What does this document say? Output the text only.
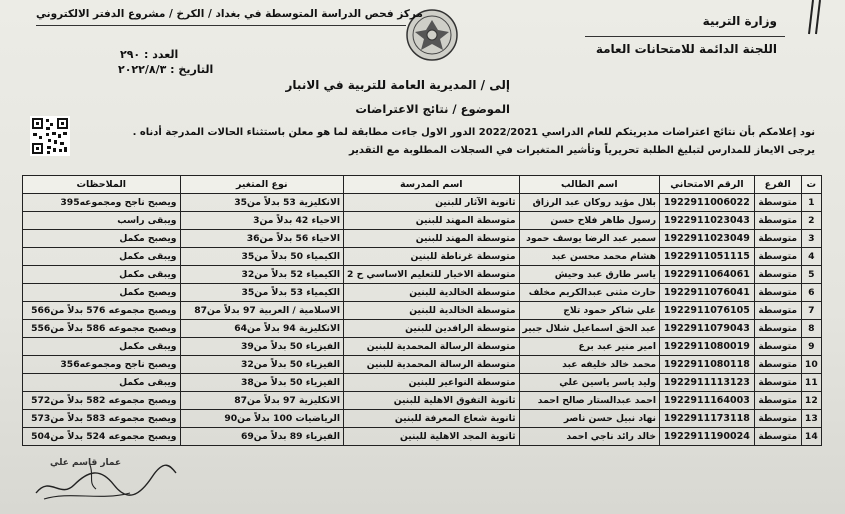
وزارة التربية
اللجنة الدائمة للامتحانات العامة
مركز فحص الدراسة المتوسطة في بغداد / الكرخ / مشروع الدفتر الالكتروني
العدد : ٢٩٠
التاريخ : ٢٠٢٢/٨/٣
إلى / المديرية العامة للتربية في الانبار
الموضوع / نتائج الاعتراضات
نود إعلامكم بأن نتائج اعتراضات مديريتكم للعام الدراسي 2022/2021 الدور الاول جاءت مطابقة لما هو معلن باستثناء الحالات المدرجة أدناه .
يرجى الايعاز للمدارس لتبليغ الطلبة تحريرياً وتأشير المتغيرات في السجلات المطلوبة مع التقدير
ت	الفرع	الرقم الامتحاني	اسم الطالب	اسم المدرسة	نوع المتغير	الملاحظات
1	متوسطة	1922911006022	بلال مؤيد روكان عبد الرزاق	ثانوية الآثار للبنين	الانكليزية 53 بدلاً من35	ويصبح ناجح ومجموعه395
2	متوسطة	1922911023043	رسول طاهر فلاح حسن	متوسطة المهند للبنين	الاحياء 42 بدلاً من3	ويبقى راسب
3	متوسطة	1922911023049	سمير عبد الرضا يوسف حمود	متوسطة المهند للبنين	الاحياء 56 بدلاً من36	ويصبح مكمل
4	متوسطة	1922911051115	هشام محمد محسن عبد	متوسطة غرناطة للبنين	الكيمياء 50 بدلاً من35	ويبقى مكمل
5	متوسطة	1922911064061	ياسر طارق عبد وحيش	متوسطة الاخيار للتعليم الاساسي ح 2	الكيمياء 52 بدلاً من32	ويبقى مكمل
6	متوسطة	1922911076041	حارث مثنى عبدالكريم مخلف	متوسطة الخالدية للبنين	الكيمياء 53 بدلاً من35	ويصبح مكمل
7	متوسطة	1922911076105	علي شاكر حمود تلاج	متوسطة الخالدية للبنين	الاسلامية / العربية 97 بدلاً من87	ويصبح مجموعه 576 بدلاً من566
8	متوسطة	1922911079043	عبد الحق اسماعيل شلال جبير	متوسطة الرافدين للبنين	الانكليزية 94 بدلاً من64	ويصبح مجموعه 586 بدلاً من556
9	متوسطة	1922911080019	امير منير عبد برع	متوسطة الرسالة المحمدية للبنين	الفيزياء 50 بدلاً من39	ويبقى مكمل
10	متوسطة	1922911080118	محمد خالد خليفه عبد	متوسطة الرسالة المحمدية للبنين	الفيزياء 50 بدلاً من32	ويصبح ناجح ومجموعه356
11	متوسطة	1922911113123	وليد ياسر ياسين علي	متوسطة النواعير للبنين	الفيزياء 50 بدلاً من38	ويبقى مكمل
12	متوسطة	1922911164003	احمد عبدالستار صالح احمد	ثانوية التفوق الاهلية للبنين	الانكليزية 97 بدلاً من87	ويصبح مجموعه 582 بدلاً من572
13	متوسطة	1922911173118	نهاد نبيل حسن ناصر	ثانوية شعاع المعرفة للبنين	الرياضيات 100 بدلاً من90	ويصبح مجموعه 583 بدلاً من573
14	متوسطة	1922911190024	خالد رائد ناجي احمد	ثانوية المجد الاهلية للبنين	الفيزياء 89 بدلاً من69	ويصبح مجموعه 524 بدلاً من504
عمار قاسم علي
